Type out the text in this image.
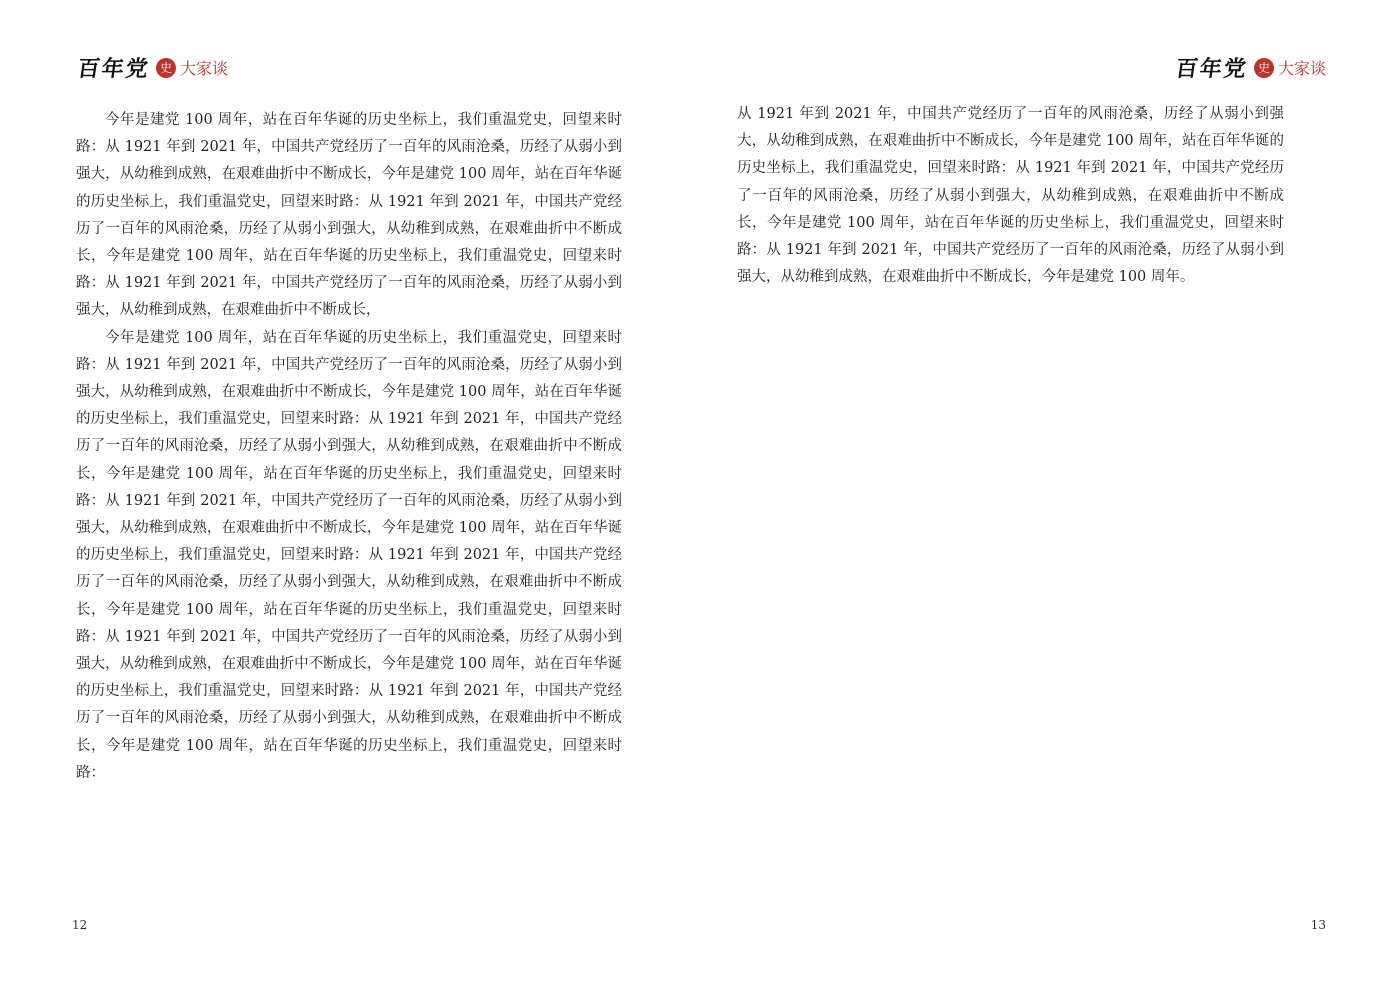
百年党 史 大家谈

今年是建党 100 周年，站在百年华诞的历史坐标上，我们重温党史，回望来时路：从 1921 年到 2021 年，中国共产党经历了一百年的风雨沧桑，历经了从弱小到强大，从幼稚到成熟，在艰难曲折中不断成长，今年是建党 100 周年，站在百年华诞的历史坐标上，我们重温党史，回望来时路：从 1921 年到 2021 年，中国共产党经历了一百年的风雨沧桑，历经了从弱小到强大，从幼稚到成熟，在艰难曲折中不断成长，今年是建党 100 周年，站在百年华诞的历史坐标上，我们重温党史，回望来时路：从 1921 年到 2021 年，中国共产党经历了一百年的风雨沧桑，历经了从弱小到强大，从幼稚到成熟，在艰难曲折中不断成长，

今年是建党 100 周年，站在百年华诞的历史坐标上，我们重温党史，回望来时路：从 1921 年到 2021 年，中国共产党经历了一百年的风雨沧桑，历经了从弱小到强大，从幼稚到成熟，在艰难曲折中不断成长，今年是建党 100 周年，站在百年华诞的历史坐标上，我们重温党史，回望来时路：从 1921 年到 2021 年，中国共产党经历了一百年的风雨沧桑，历经了从弱小到强大，从幼稚到成熟，在艰难曲折中不断成长，今年是建党 100 周年，站在百年华诞的历史坐标上，我们重温党史，回望来时路：从 1921 年到 2021 年，中国共产党经历了一百年的风雨沧桑，历经了从弱小到强大，从幼稚到成熟，在艰难曲折中不断成长，今年是建党 100 周年，站在百年华诞的历史坐标上，我们重温党史，回望来时路：从 1921 年到 2021 年，中国共产党经历了一百年的风雨沧桑，历经了从弱小到强大，从幼稚到成熟，在艰难曲折中不断成长，今年是建党 100 周年，站在百年华诞的历史坐标上，我们重温党史，回望来时路：从 1921 年到 2021 年，中国共产党经历了一百年的风雨沧桑，历经了从弱小到强大，从幼稚到成熟，在艰难曲折中不断成长，今年是建党 100 周年，站在百年华诞的历史坐标上，我们重温党史，回望来时路：从 1921 年到 2021 年，中国共产党经历了一百年的风雨沧桑，历经了从弱小到强大，从幼稚到成熟，在艰难曲折中不断成长，今年是建党 100 周年，站在百年华诞的历史坐标上，我们重温党史，回望来时路：

12
百年党 史 大家谈

从 1921 年到 2021 年，中国共产党经历了一百年的风雨沧桑，历经了从弱小到强大，从幼稚到成熟，在艰难曲折中不断成长，今年是建党 100 周年，站在百年华诞的历史坐标上，我们重温党史，回望来时路：从 1921 年到 2021 年，中国共产党经历了一百年的风雨沧桑，历经了从弱小到强大，从幼稚到成熟，在艰难曲折中不断成长，今年是建党 100 周年，站在百年华诞的历史坐标上，我们重温党史，回望来时路：从 1921 年到 2021 年，中国共产党经历了一百年的风雨沧桑，历经了从弱小到强大，从幼稚到成熟，在艰难曲折中不断成长，今年是建党 100 周年。

13
